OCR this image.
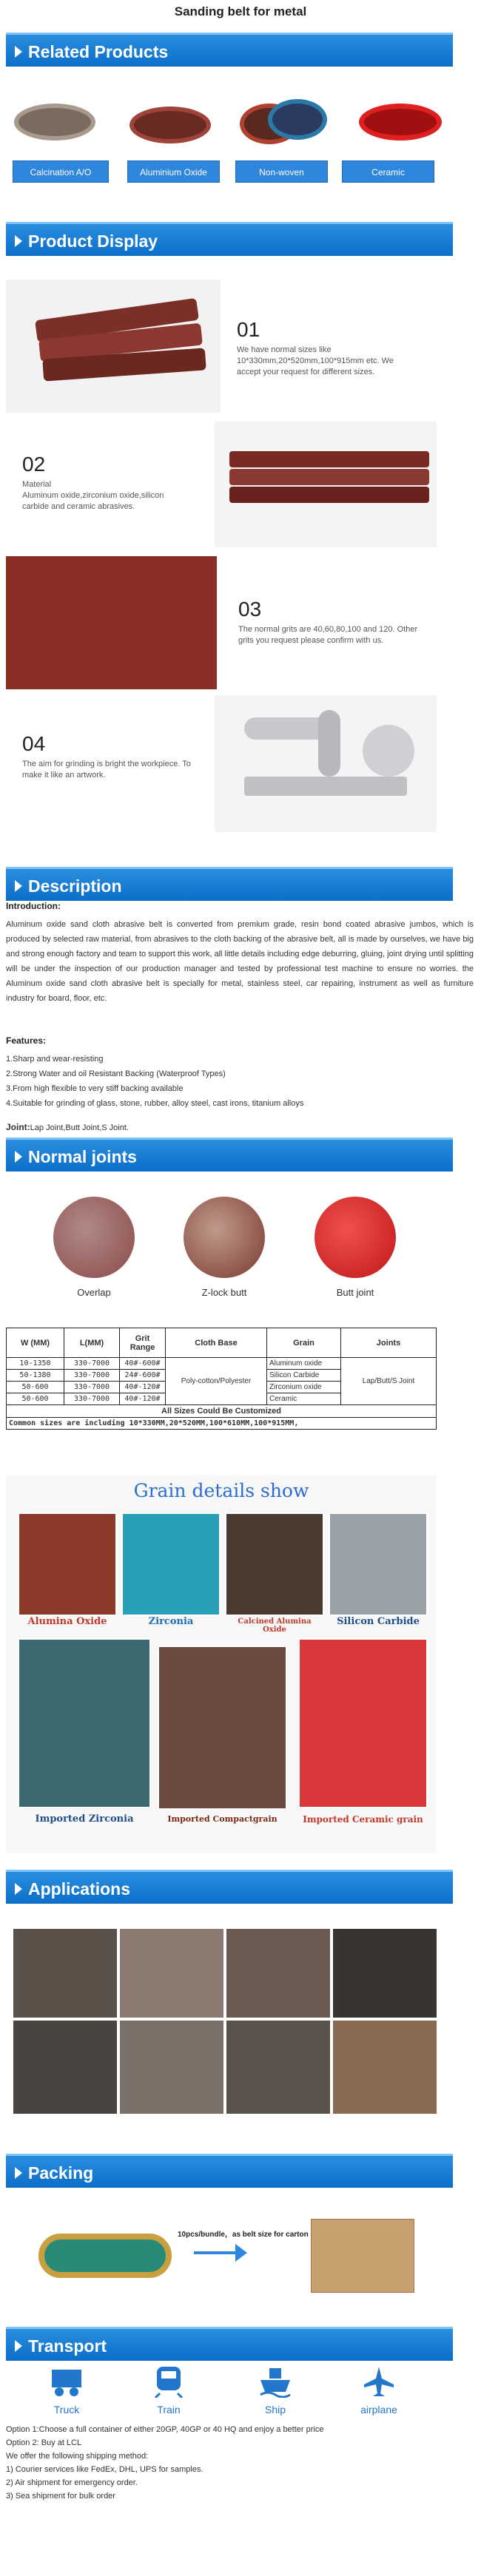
Sanding belt for metal
Related Products
Calcination A/O	Aluminium Oxide	Non-woven	Ceramic
Product Display
01
We have normal sizes like 10*330mm,20*520mm,100*915mm etc. We accept your request for different sizes.
02
Material
Aluminum oxide,zirconium oxide,silicon carbide and ceramic abrasives.
03
The normal grits are 40,60,80,100 and 120. Other grits you request please confirm with us.
04
The aim for grinding is bright the workpiece. To make it like an artwork.
Description
Introduction:
Aluminum oxide sand cloth abrasive belt is converted from premium grade, resin bond coated abrasive jumbos, which is produced by selected raw material, from abrasives to the cloth backing of the abrasive belt, all is made by ourselves, we have big and strong enough factory and team to support this work, all little details including edge deburring, gluing, joint drying until splitting will be under the inspection of our production manager and tested by professional test machine to ensure no worries. the Aluminum oxide sand cloth abrasive belt is specially for metal, stainless steel, car repairing, instrument as well as furniture industry for board, floor, etc.
Features:
1.Sharp and wear-resisting
2.Strong Water and oil Resistant Backing (Waterproof Types)
3.From high flexible to very stiff backing available
4.Suitable for grinding of glass, stone, rubber, alloy steel, cast irons, titanium alloys
Joint:Lap Joint,Butt Joint,S Joint.
Normal joints
Overlap	Z-lock butt	Butt joint
W (MM)	L(MM)	Grit Range	Cloth Base	Grain	Joints
10-1350	330-7000	40#-600#	Poly-cotton/Polyester	Aluminum oxide	Lap/Butt/S Joint
50-1380	330-7000	24#-600#		Silicon Carbide	
50-600	330-7000	40#-120#		Zirconium oxide	
50-600	330-7000	40#-120#		Ceramic	
All Sizes Could Be Customized					
Common sizes are including 10*330MM,20*520MM,100*610MM,100*915MM,					
Grain details show
Alumina Oxide	Zirconia	Calcined Alumina Oxide
Silicon Carbide
Imported Zirconia	Imported Compactgrain	Imported Ceramic grain
Applications
Packing
10pcs/bundle，as belt size for carton
Transport
Truck	Train	Ship	airplane
Option 1:Choose a full container of either 20GP, 40GP or 40 HQ and enjoy a better price
Option 2: Buy at LCL
We offer the following shipping method:
1) Courier services like FedEx, DHL, UPS for samples.
2) Air shipment for emergency order.
3) Sea shipment for bulk order
